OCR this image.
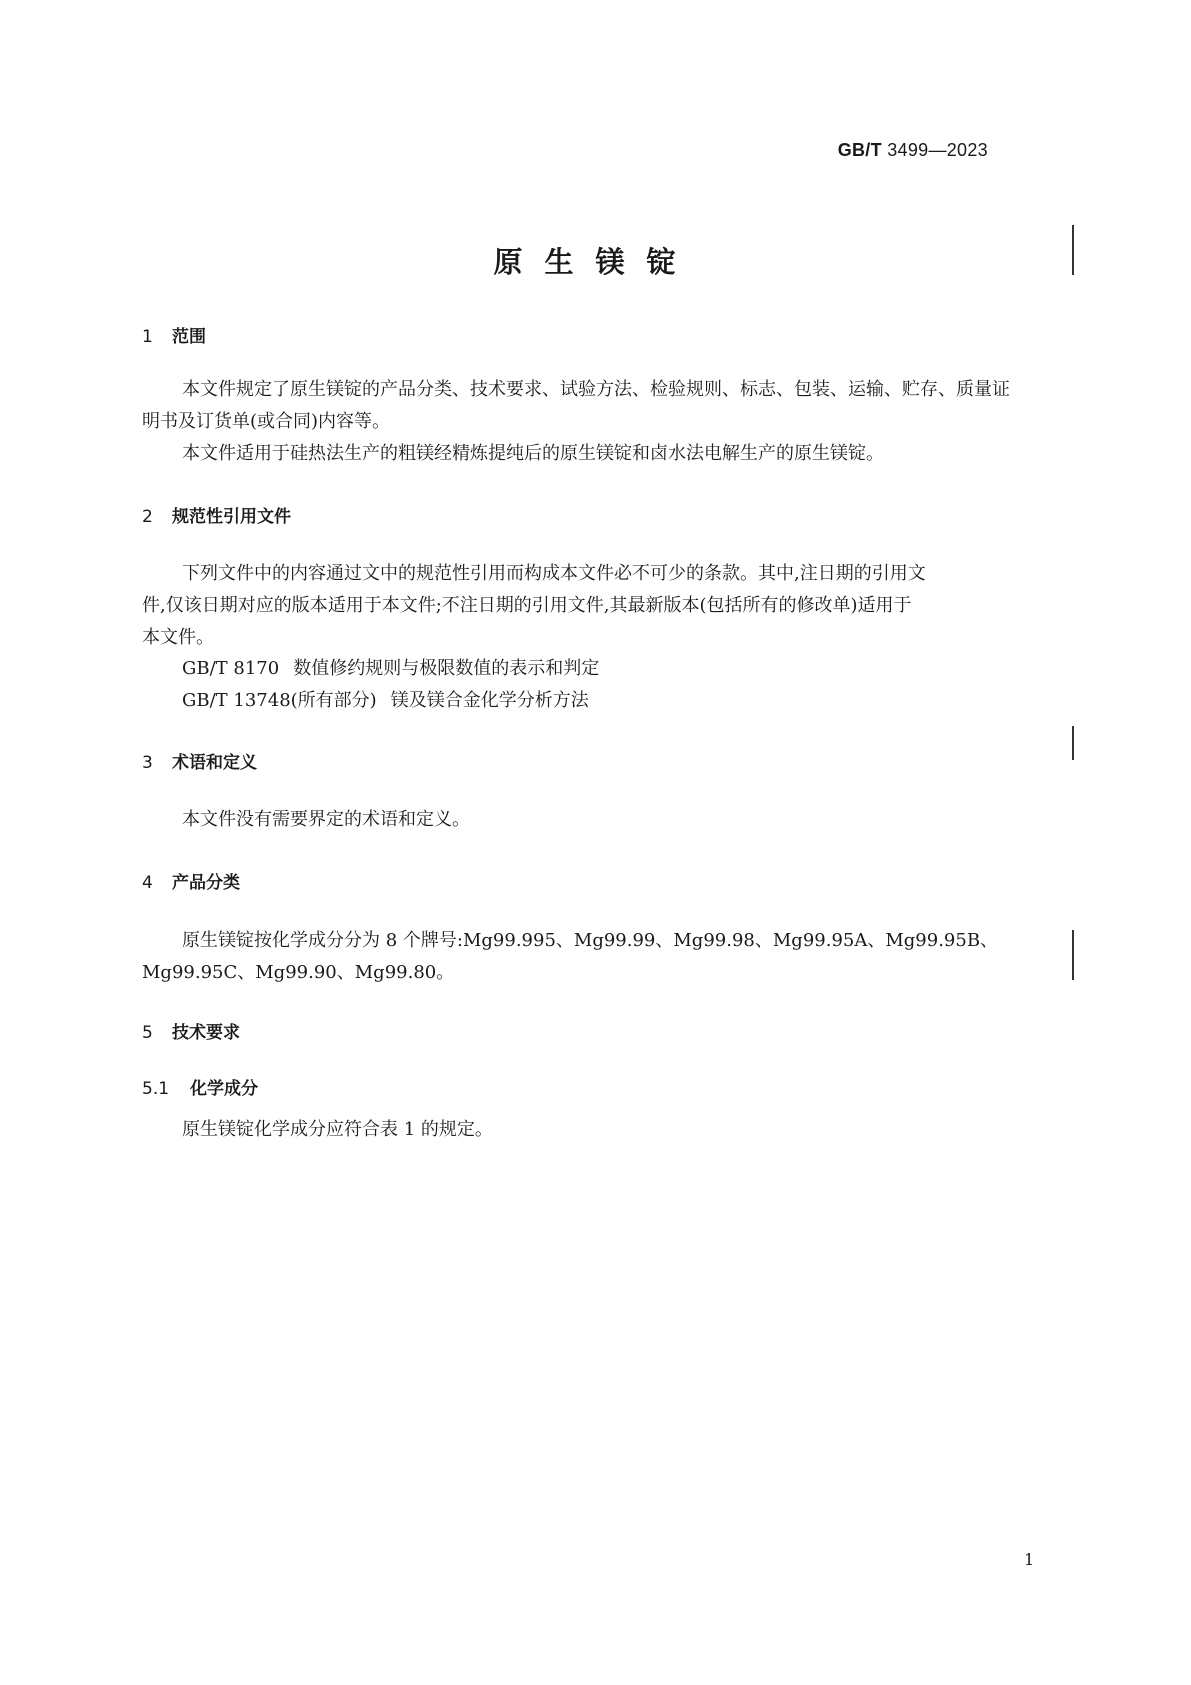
GB/T 3499—2023
原生镁锭
1 范围
本文件规定了原生镁锭的产品分类、技术要求、试验方法、检验规则、标志、包装、运输、贮存、质量证
明书及订货单(或合同)内容等。
本文件适用于硅热法生产的粗镁经精炼提纯后的原生镁锭和卤水法电解生产的原生镁锭。
2 规范性引用文件
下列文件中的内容通过文中的规范性引用而构成本文件必不可少的条款。其中,注日期的引用文
件,仅该日期对应的版本适用于本文件;不注日期的引用文件,其最新版本(包括所有的修改单)适用于
本文件。
GB/T 8170 数值修约规则与极限数值的表示和判定
GB/T 13748(所有部分) 镁及镁合金化学分析方法
3 术语和定义
本文件没有需要界定的术语和定义。
4 产品分类
原生镁锭按化学成分分为 8 个牌号:Mg99.995、Mg99.99、Mg99.98、Mg99.95A、Mg99.95B、
Mg99.95C、Mg99.90、Mg99.80。
5 技术要求
5.1 化学成分
原生镁锭化学成分应符合表 1 的规定。
1
